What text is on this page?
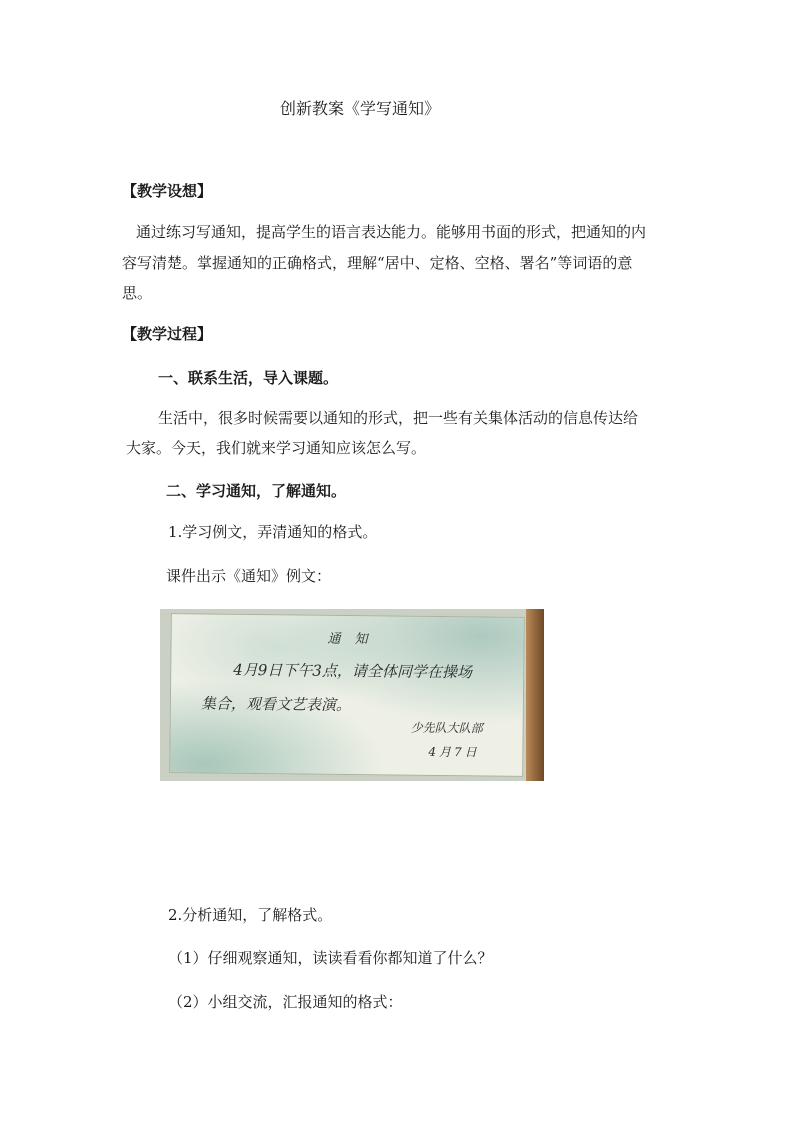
创新教案《学写通知》
【教学设想】
通过练习写通知，提高学生的语言表达能力。能够用书面的形式，把通知的内
容写清楚。掌握通知的正确格式，理解“居中、定格、空格、署名”等词语的意
思。
【教学过程】
一、联系生活，导入课题。
生活中，很多时候需要以通知的形式，把一些有关集体活动的信息传达给
大家。今天，我们就来学习通知应该怎么写。
二、学习通知，了解通知。
1.学习例文，弄清通知的格式。
课件出示《通知》例文：
通知
4月9日下午3点，请全体同学在操场
集合，观看文艺表演。
少先队大队部
4月7日
2.分析通知，了解格式。
（1）仔细观察通知，读读看看你都知道了什么？
（2）小组交流，汇报通知的格式：
